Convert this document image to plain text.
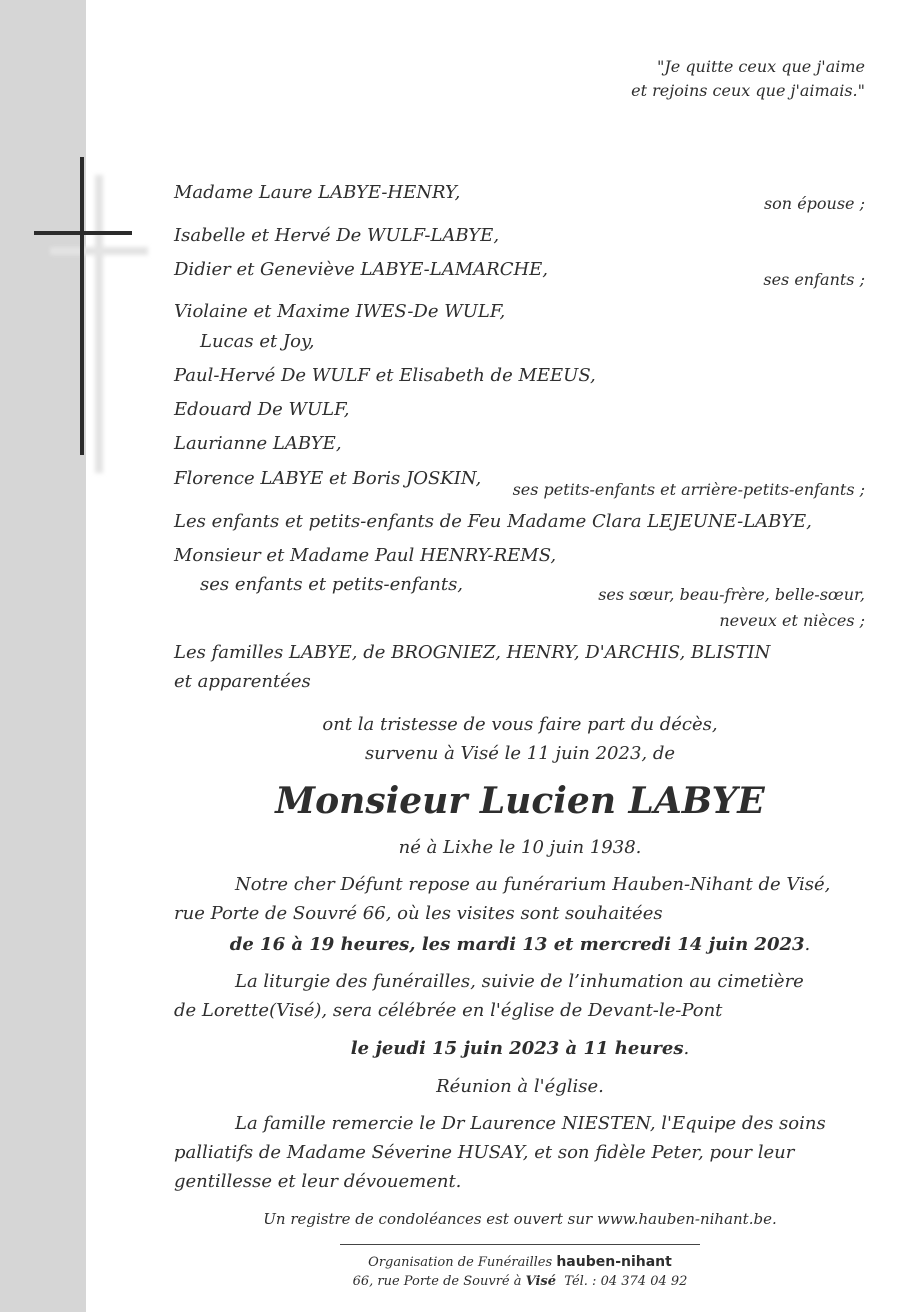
"Je quitte ceux que j'aime
et rejoins ceux que j'aimais."
Madame Laure LABYE-HENRY,
son épouse ;
Isabelle et Hervé De WULF-LABYE,
Didier et Geneviève LABYE-LAMARCHE,	ses enfants ;
Violaine et Maxime IWES-De WULF,
Lucas et Joy,
Paul-Hervé De WULF et Elisabeth de MEEUS,
Edouard De WULF,
Laurianne LABYE,
Florence LABYE et Boris JOSKIN,
ses petits-enfants et arrière-petits-enfants ;
Les enfants et petits-enfants de Feu Madame Clara LEJEUNE-LABYE,
Monsieur et Madame Paul HENRY-REMS,
ses enfants et petits-enfants,	ses sœur, beau-frère, belle-sœur,
neveux et nièces ;
Les familles LABYE, de BROGNIEZ, HENRY, D'ARCHIS, BLISTIN
et apparentées
ont la tristesse de vous faire part du décès,
survenu à Visé le 11 juin 2023, de
Monsieur Lucien LABYE
né à Lixhe le 10 juin 1938.
Notre cher Défunt repose au funérarium Hauben-Nihant de Visé,
rue Porte de Souvré 66, où les visites sont souhaitées
de 16 à 19 heures, les mardi 13 et mercredi 14 juin 2023.
La liturgie des funérailles, suivie de l’inhumation au cimetière
de Lorette(Visé), sera célébrée en l'église de Devant-le-Pont
le jeudi 15 juin 2023 à 11 heures.
Réunion à l'église.
La famille remercie le Dr Laurence NIESTEN, l'Equipe des soins
palliatifs de Madame Séverine HUSAY, et son fidèle Peter, pour leur
gentillesse et leur dévouement.
Un registre de condoléances est ouvert sur www.hauben-nihant.be.
Organisation de Funérailles hauben-nihant
66, rue Porte de Souvré à Visé Tél. : 04 374 04 92
